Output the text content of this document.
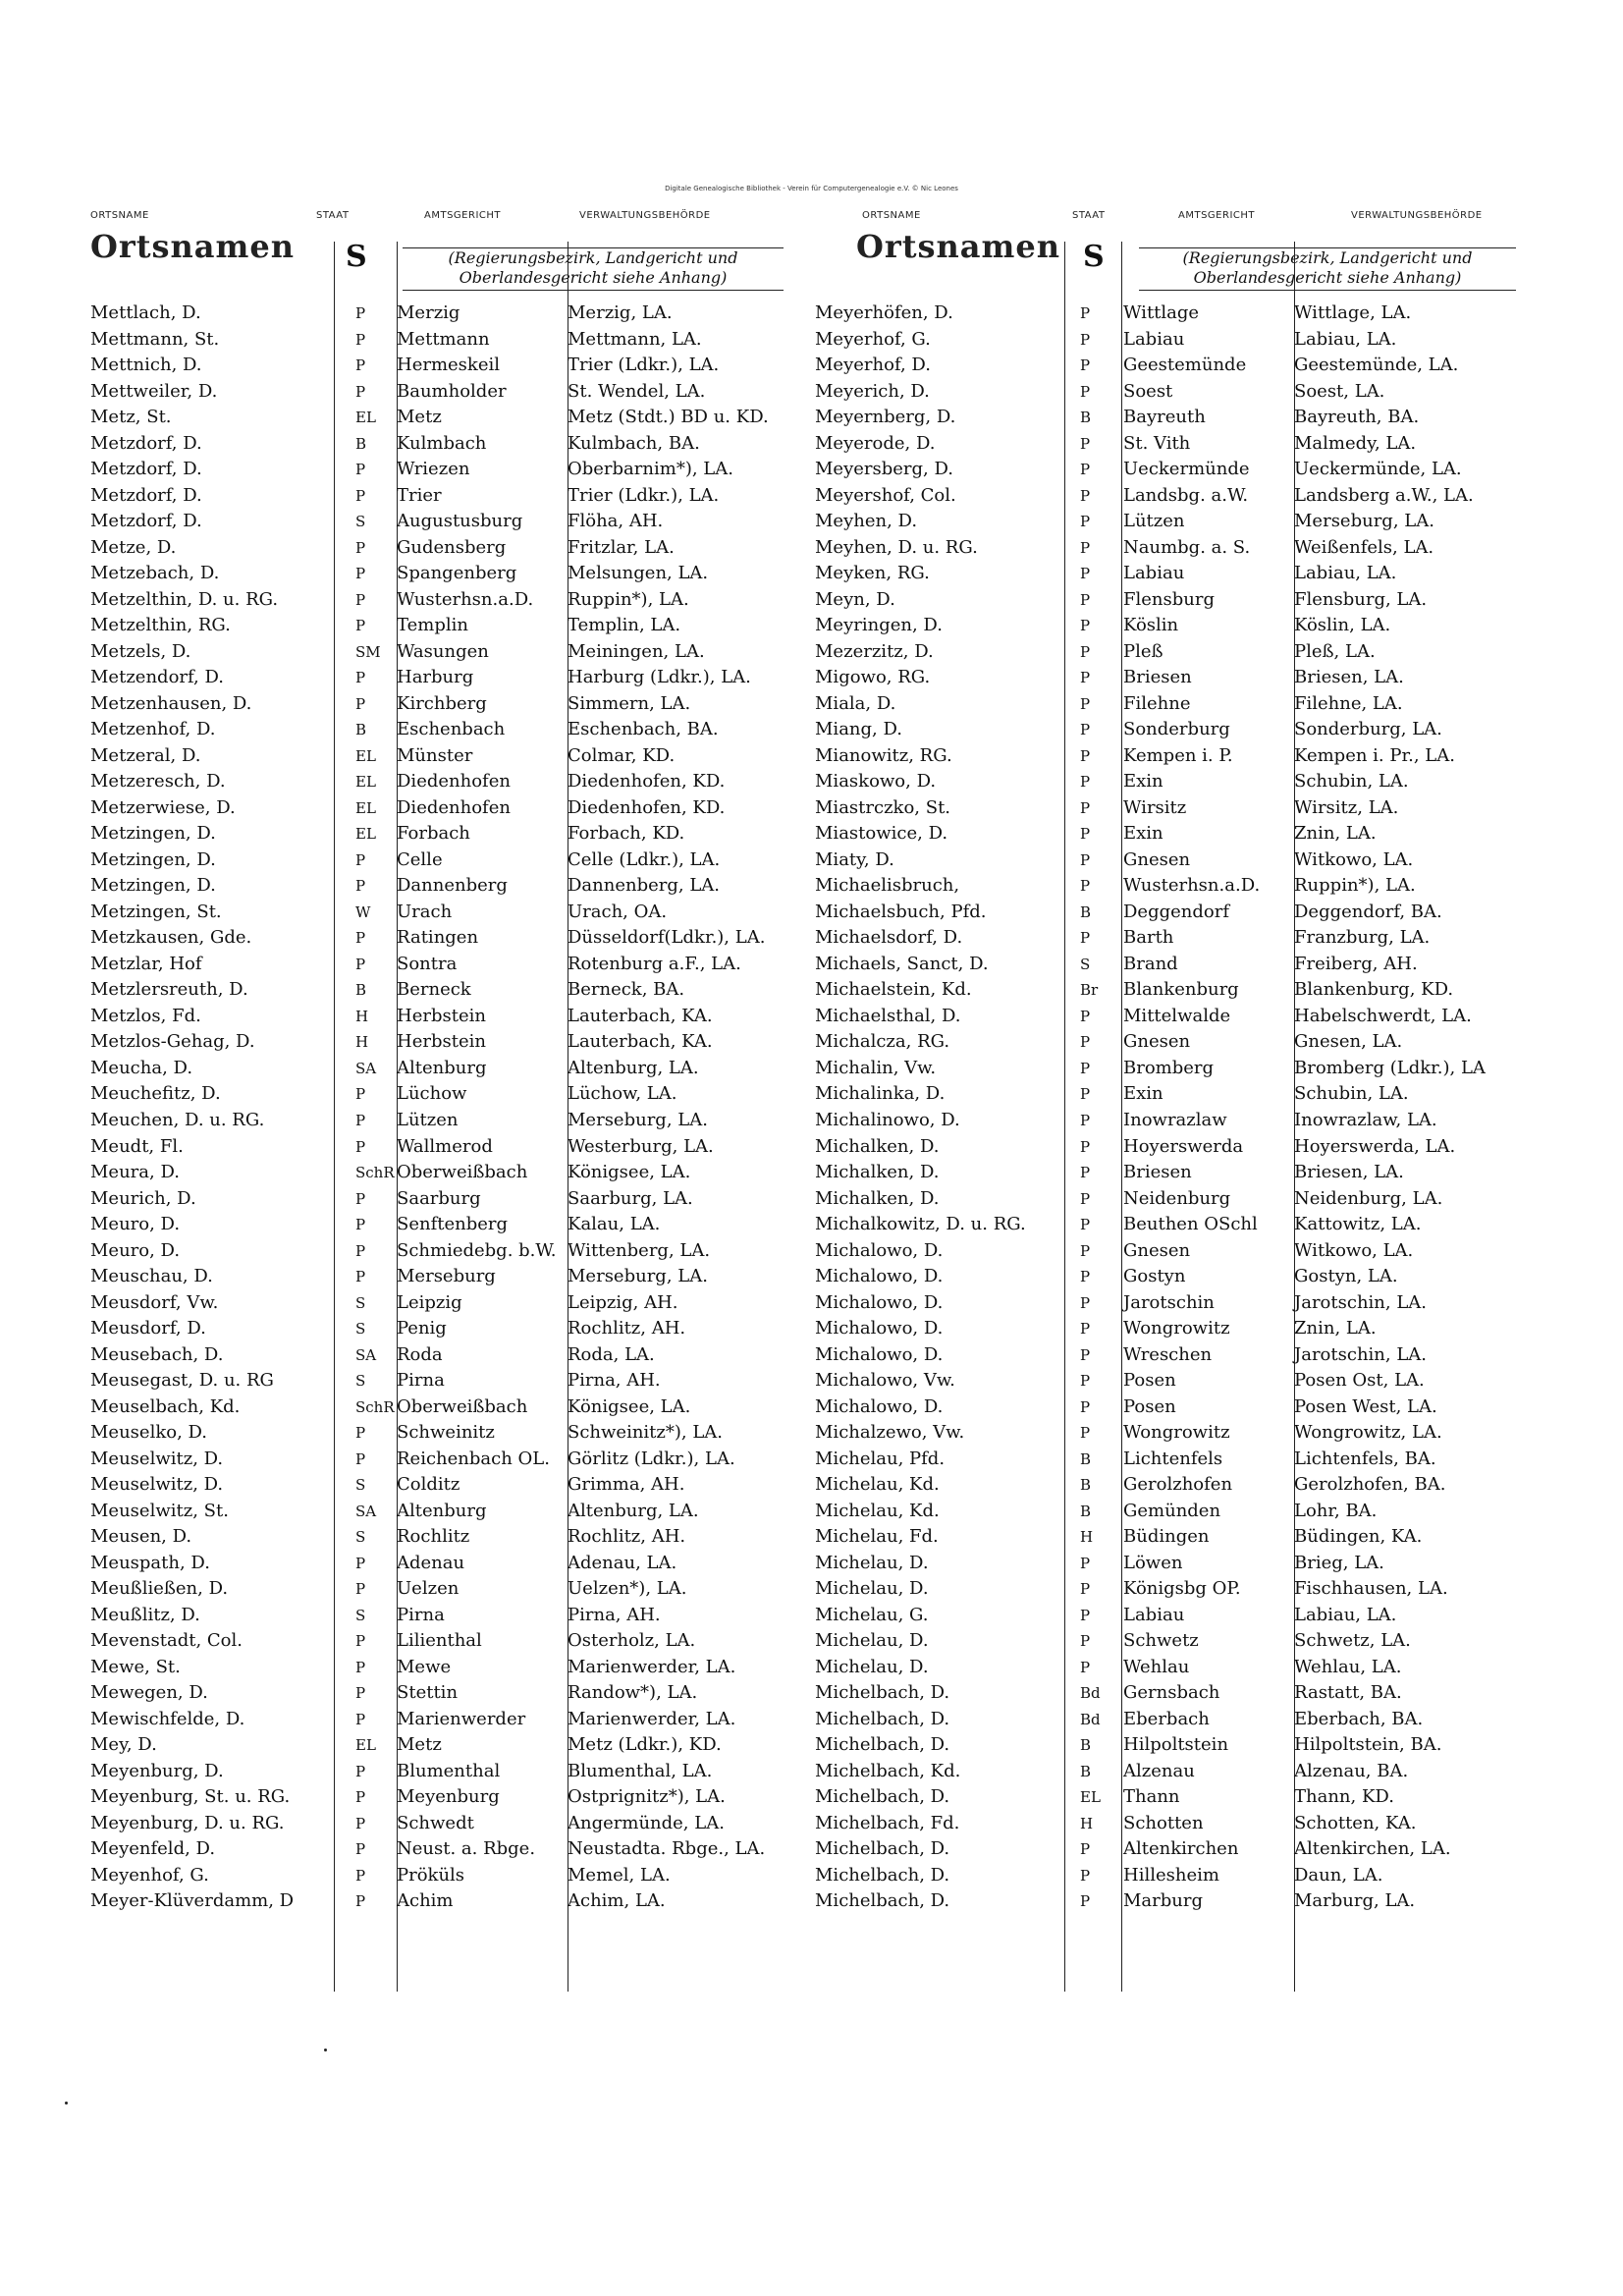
Digitale Genealogische Bibliothek - Verein für Computergenealogie e.V. © Nic Leones
ORTSNAME	STAAT	AMTSGERICHT	VERWALTUNGSBEHÖRDE	ORTSNAME	STAAT	AMTSGERICHT	VERWALTUNGSBEHÖRDE
Ortsnamen	Ortsnamen
S	S
(Regierungsbezirk, Landgericht und Oberlandesgericht siehe Anhang)
(Regierungsbezirk, Landgericht und Oberlandesgericht siehe Anhang)
Mettlach, D.	P	Merzig	Merzig, LA.
Mettmann, St.	P	Mettmann	Mettmann, LA.
Mettnich, D.	P	Hermeskeil	Trier (Ldkr.), LA.
Mettweiler, D.	P	Baumholder	St. Wendel, LA.
Metz, St.	EL	Metz	Metz (Stdt.) BD u. KD.
Metzdorf, D.	B	Kulmbach	Kulmbach, BA.
Metzdorf, D.	P	Wriezen	Oberbarnim*), LA.
Metzdorf, D.	P	Trier	Trier (Ldkr.), LA.
Metzdorf, D.	S	Augustusburg	Flöha, AH.
Metze, D.	P	Gudensberg	Fritzlar, LA.
Metzebach, D.	P	Spangenberg	Melsungen, LA.
Metzelthin, D. u. RG.	P	Wusterhsn.a.D.	Ruppin*), LA.
Metzelthin, RG.	P	Templin	Templin, LA.
Metzels, D.	SM Wasungen	Meiningen, LA.
Metzendorf, D.	P	Harburg	Harburg (Ldkr.), LA.
Metzenhausen, D.	P	Kirchberg	Simmern, LA.
Metzenhof, D.	B	Eschenbach	Eschenbach, BA.
Metzeral, D.	EL	Münster	Colmar, KD.
Metzeresch, D.	EL	Diedenhofen	Diedenhofen, KD.
Metzerwiese, D.	EL	Diedenhofen	Diedenhofen, KD.
Metzingen, D.	EL	Forbach	Forbach, KD.
Metzingen, D.	P	Celle	Celle (Ldkr.), LA.
Metzingen, D.	P	Dannenberg	Dannenberg, LA.
Metzingen, St.	W	Urach	Urach, OA.
Metzkausen, Gde.	P	Ratingen	Düsseldorf(Ldkr.), LA.
Metzlar, Hof	P	Sontra	Rotenburg a.F., LA.
Metzlersreuth, D.	B	Berneck	Berneck, BA.
Metzlos, Fd.	H	Herbstein	Lauterbach, KA.
Metzlos-Gehag, D.	H	Herbstein	Lauterbach, KA.
Meucha, D.	SA	Altenburg	Altenburg, LA.
Meuchefitz, D.	P	Lüchow	Lüchow, LA.
Meuchen, D. u. RG.	P	Lützen	Merseburg, LA.
Meudt, Fl.	P	Wallmerod	Westerburg, LA.
Meura, D.	SchR Oberweißbach	Königsee, LA.
Meurich, D.	P	Saarburg	Saarburg, LA.
Meuro, D.	P	Senftenberg	Kalau, LA.
Meuro, D.	P	Schmiedebg. b.W. Wittenberg, LA.
Meuschau, D.	P	Merseburg	Merseburg, LA.
Meusdorf, Vw.	S	Leipzig	Leipzig, AH.
Meusdorf, D.	S	Penig	Rochlitz, AH.
Meusebach, D.	SA	Roda	Roda, LA.
Meusegast, D. u. RG	S	Pirna	Pirna, AH.
Meuselbach, Kd.	SchR Oberweißbach	Königsee, LA.
Meuselko, D.	P	Schweinitz	Schweinitz*), LA.
Meuselwitz, D.	P	Reichenbach OL.	Görlitz (Ldkr.), LA.
Meuselwitz, D.	S	Colditz	Grimma, AH.
Meuselwitz, St.	SA	Altenburg	Altenburg, LA.
Meusen, D.	S	Rochlitz	Rochlitz, AH.
Meuspath, D.	P	Adenau	Adenau, LA.
Meußließen, D.	P	Uelzen	Uelzen*), LA.
Meußlitz, D.	S	Pirna	Pirna, AH.
Mevenstadt, Col.	P	Lilienthal	Osterholz, LA.
Mewe, St.	P	Mewe	Marienwerder, LA.
Mewegen, D.	P	Stettin	Randow*), LA.
Mewischfelde, D.	P	Marienwerder	Marienwerder, LA.
Mey, D.	EL	Metz	Metz (Ldkr.), KD.
Meyenburg, D.	P	Blumenthal	Blumenthal, LA.
Meyenburg, St. u. RG.	P	Meyenburg	Ostprignitz*), LA.
Meyenburg, D. u. RG.	P	Schwedt	Angermünde, LA.
Meyenfeld, D.	P	Neust. a. Rbge.	Neustadta. Rbge., LA.
Meyenhof, G.	P	Pröküls	Memel, LA.
Meyer-Klüverdamm, D	P	Achim	Achim, LA.
Meyerhöfen, D.	P	Wittlage	Wittlage, LA.
Meyerhof, G.	P	Labiau	Labiau, LA.
Meyerhof, D.	P	Geestemünde	Geestemünde, LA.
Meyerich, D.	P	Soest	Soest, LA.
Meyernberg, D.	B	Bayreuth	Bayreuth, BA.
Meyerode, D.	P	St. Vith	Malmedy, LA.
Meyersberg, D.	P	Ueckermünde	Ueckermünde, LA.
Meyershof, Col.	P	Landsbg. a.W.	Landsberg a.W., LA.
Meyhen, D.	P	Lützen	Merseburg, LA.
Meyhen, D. u. RG.	P	Naumbg. a. S.	Weißenfels, LA.
Meyken, RG.	P	Labiau	Labiau, LA.
Meyn, D.	P	Flensburg	Flensburg, LA.
Meyringen, D.	P	Köslin	Köslin, LA.
Mezerzitz, D.	P	Pleß	Pleß, LA.
Migowo, RG.	P	Briesen	Briesen, LA.
Miala, D.	P	Filehne	Filehne, LA.
Miang, D.	P	Sonderburg	Sonderburg, LA.
Mianowitz, RG.	P	Kempen i. P.	Kempen i. Pr., LA.
Miaskowo, D.	P	Exin	Schubin, LA.
Miastrczko, St.	P	Wirsitz	Wirsitz, LA.
Miastowice, D.	P	Exin	Znin, LA.
Miaty, D.	P	Gnesen	Witkowo, LA.
Michaelisbruch,	P	Wusterhsn.a.D.	Ruppin*), LA.
Michaelsbuch, Pfd.	B	Deggendorf	Deggendorf, BA.
Michaelsdorf, D.	P	Barth	Franzburg, LA.
Michaels, Sanct, D.	S	Brand	Freiberg, AH.
Michaelstein, Kd.	Br	Blankenburg	Blankenburg, KD.
Michaelsthal, D.	P	Mittelwalde	Habelschwerdt, LA.
Michalcza, RG.	P	Gnesen	Gnesen, LA.
Michalin, Vw.	P	Bromberg	Bromberg (Ldkr.), LA
Michalinka, D.	P	Exin	Schubin, LA.
Michalinowo, D.	P	Inowrazlaw	Inowrazlaw, LA.
Michalken, D.	P	Hoyerswerda	Hoyerswerda, LA.
Michalken, D.	P	Briesen	Briesen, LA.
Michalken, D.	P	Neidenburg	Neidenburg, LA.
Michalkowitz, D. u. RG.	P	Beuthen OSchl	Kattowitz, LA.
Michalowo, D.	P	Gnesen	Witkowo, LA.
Michalowo, D.	P	Gostyn	Gostyn, LA.
Michalowo, D.	P	Jarotschin	Jarotschin, LA.
Michalowo, D.	P	Wongrowitz	Znin, LA.
Michalowo, D.	P	Wreschen	Jarotschin, LA.
Michalowo, Vw.	P	Posen	Posen Ost, LA.
Michalowo, D.	P	Posen	Posen West, LA.
Michalzewo, Vw.	P	Wongrowitz	Wongrowitz, LA.
Michelau, Pfd.	B	Lichtenfels	Lichtenfels, BA.
Michelau, Kd.	B	Gerolzhofen	Gerolzhofen, BA.
Michelau, Kd.	B	Gemünden	Lohr, BA.
Michelau, Fd.	H	Büdingen	Büdingen, KA.
Michelau, D.	P	Löwen	Brieg, LA.
Michelau, D.	P	Königsbg OP.	Fischhausen, LA.
Michelau, G.	P	Labiau	Labiau, LA.
Michelau, D.	P	Schwetz	Schwetz, LA.
Michelau, D.	P	Wehlau	Wehlau, LA.
Michelbach, D.	Bd	Gernsbach	Rastatt, BA.
Michelbach, D.	Bd	Eberbach	Eberbach, BA.
Michelbach, D.	B	Hilpoltstein	Hilpoltstein, BA.
Michelbach, Kd.	B	Alzenau	Alzenau, BA.
Michelbach, D.	EL	Thann	Thann, KD.
Michelbach, Fd.	H	Schotten	Schotten, KA.
Michelbach, D.	P	Altenkirchen	Altenkirchen, LA.
Michelbach, D.	P	Hillesheim	Daun, LA.
Michelbach, D.	P	Marburg	Marburg, LA.
